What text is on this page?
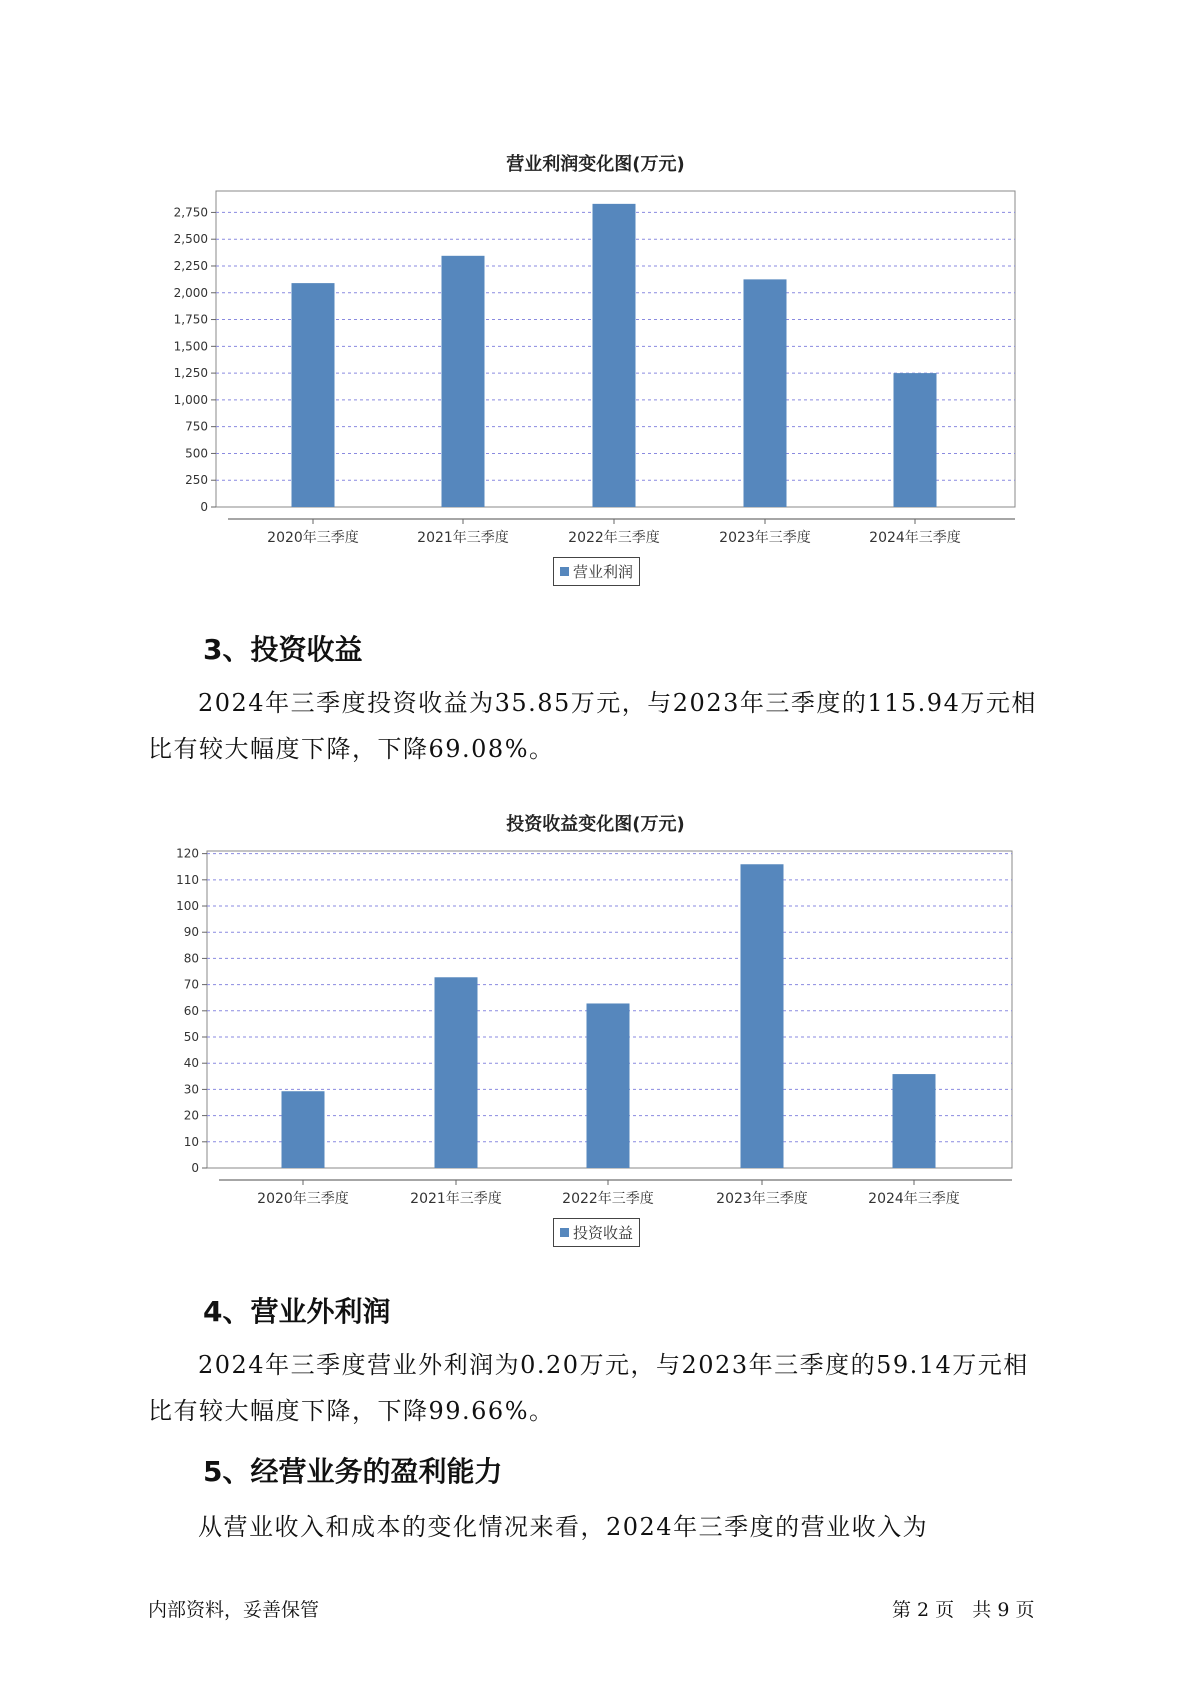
营业利润变化图(万元)
0
250
500
750
1,000
1,250
1,500
1,750
2,000
2,250
2,500
2,750
2020年三季度	2021年三季度	2022年三季度	2023年三季度	2024年三季度
营业利润
3、投资收益

2024年三季度投资收益为35.85万元，与2023年三季度的115.94万元相
比有较大幅度下降，下降69.08%。

投资收益变化图(万元)
0
10
20
30
40
50
60
70
80
90
100
110
120
2020年三季度	2021年三季度	2022年三季度	2023年三季度	2024年三季度
投资收益
4、营业外利润

2024年三季度营业外利润为0.20万元，与2023年三季度的59.14万元相
比有较大幅度下降，下降99.66%。

5、经营业务的盈利能力

从营业收入和成本的变化情况来看，2024年三季度的营业收入为

内部资料，妥善保管	第 2 页   共 9 页
